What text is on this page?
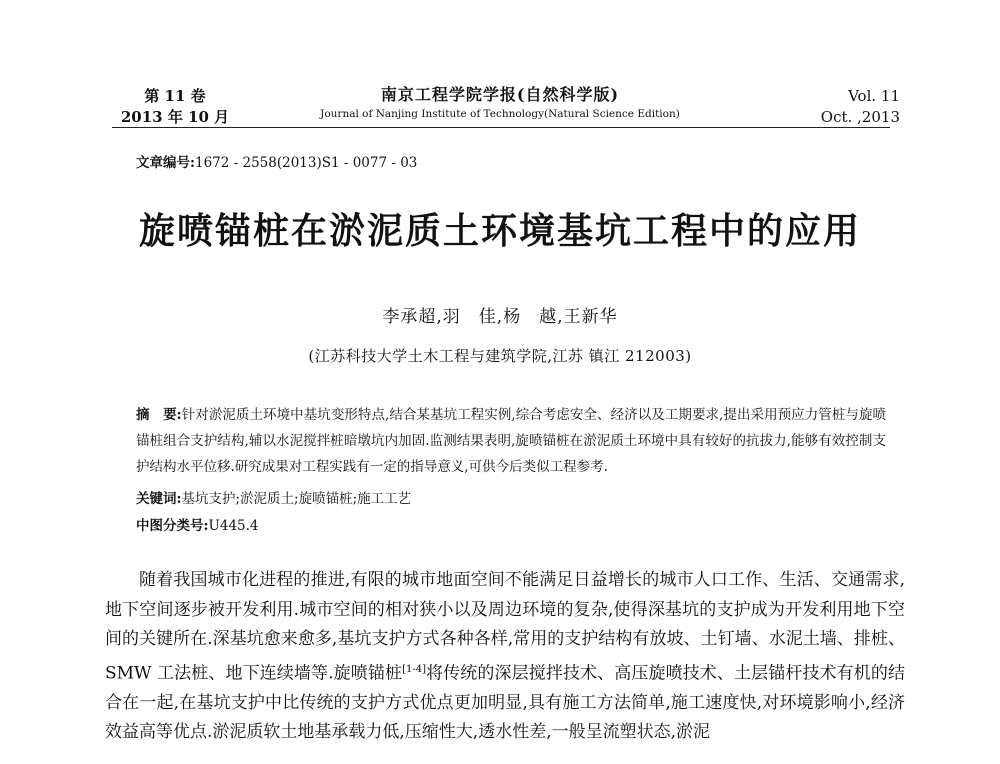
第 11 卷
2013 年 10 月
南京工程学院学报(自然科学版)
Journal of Nanjing Institute of Technology(Natural Science Edition)
Vol. 11
Oct. ,2013
文章编号:1672 - 2558(2013)S1 - 0077 - 03
旋喷锚桩在淤泥质土环境基坑工程中的应用
李承超,羽　佳,杨　越,王新华
(江苏科技大学土木工程与建筑学院,江苏 镇江 212003)
摘　要:针对淤泥质土环境中基坑变形特点,结合某基坑工程实例,综合考虑安全、经济以及工期要求,提出采用预应力管桩与旋喷锚桩组合支护结构,辅以水泥搅拌桩暗墩坑内加固.监测结果表明,旋喷锚桩在淤泥质土环境中具有较好的抗拔力,能够有效控制支护结构水平位移.研究成果对工程实践有一定的指导意义,可供今后类似工程参考.
关键词:基坑支护;淤泥质土;旋喷锚桩;施工工艺
中图分类号:U445.4
随着我国城市化进程的推进,有限的城市地面空间不能满足日益增长的城市人口工作、生活、交通需求,地下空间逐步被开发利用.城市空间的相对狭小以及周边环境的复杂,使得深基坑的支护成为开发利用地下空间的关键所在.深基坑愈来愈多,基坑支护方式各种各样,常用的支护结构有放坡、土钉墙、水泥土墙、排桩、SMW 工法桩、地下连续墙等.旋喷锚桩[1-4]将传统的深层搅拌技术、高压旋喷技术、土层锚杆技术有机的结合在一起,在基坑支护中比传统的支护方式优点更加明显,具有施工方法简单,施工速度快,对环境影响小,经济效益高等优点.淤泥质软土地基承载力低,压缩性大,透水性差,一般呈流塑状态,淤泥
